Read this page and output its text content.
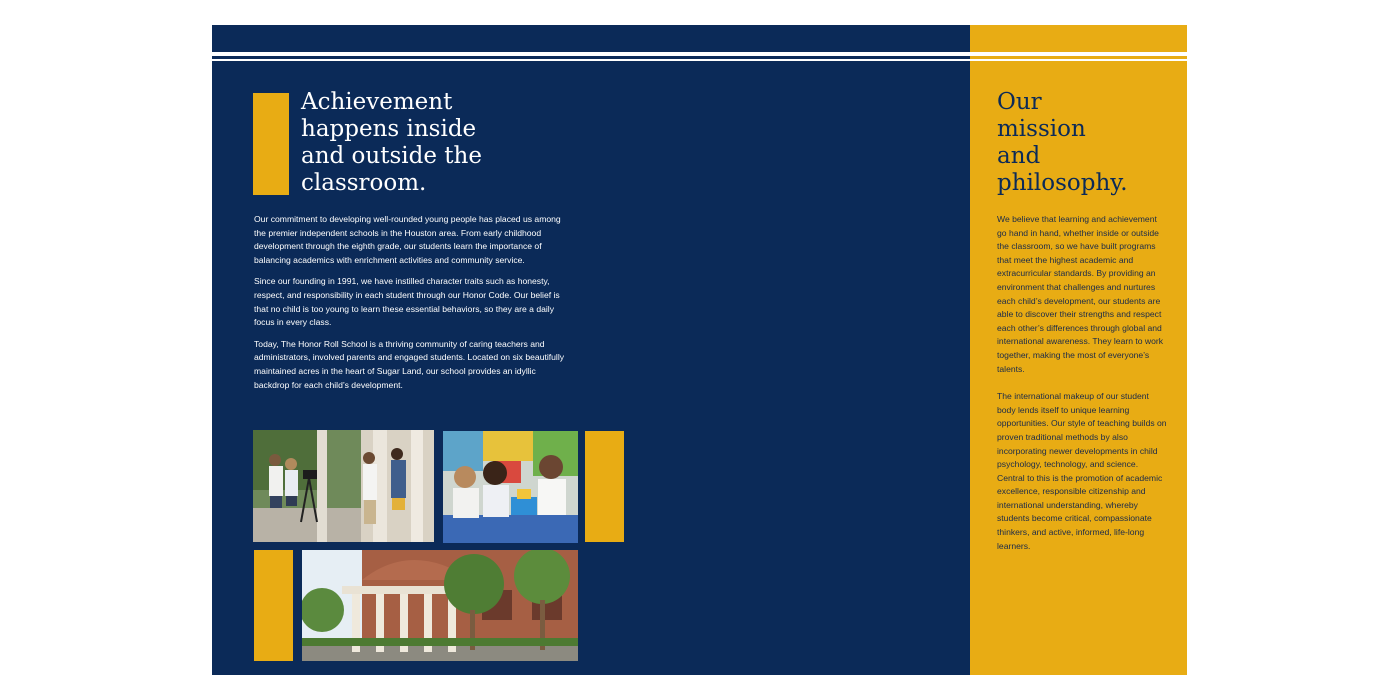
Achievement
happens inside
and outside the
classroom.

Our commitment to developing well-rounded young people has placed us among the premier independent schools in the Houston area. From early childhood development through the eighth grade, our students learn the importance of balancing academics with enrichment activities and community service.

Since our founding in 1991, we have instilled character traits such as honesty, respect, and responsibility in each student through our Honor Code. Our belief is that no child is too young to learn these essential behaviors, so they are a daily focus in every class.

Today, The Honor Roll School is a thriving community of caring teachers and administrators, involved parents and engaged students. Located on six beautifully maintained acres in the heart of Sugar Land, our school provides an idyllic backdrop for each child’s development.

Our
mission
and
philosophy.

We believe that learning and achievement go hand in hand, whether inside or outside the classroom, so we have built programs that meet the highest academic and extracurricular standards. By providing an environment that challenges and nurtures each child’s development, our students are able to discover their strengths and respect each other’s differences through global and international awareness. They learn to work together, making the most of everyone’s talents.

The international makeup of our student body lends itself to unique learning opportunities. Our style of teaching builds on proven traditional methods by also incorporating newer developments in child psychology, technology, and science. Central to this is the promotion of academic excellence, responsible citizenship and international understanding, whereby students become critical, compassionate thinkers, and active, informed, life-long learners.
